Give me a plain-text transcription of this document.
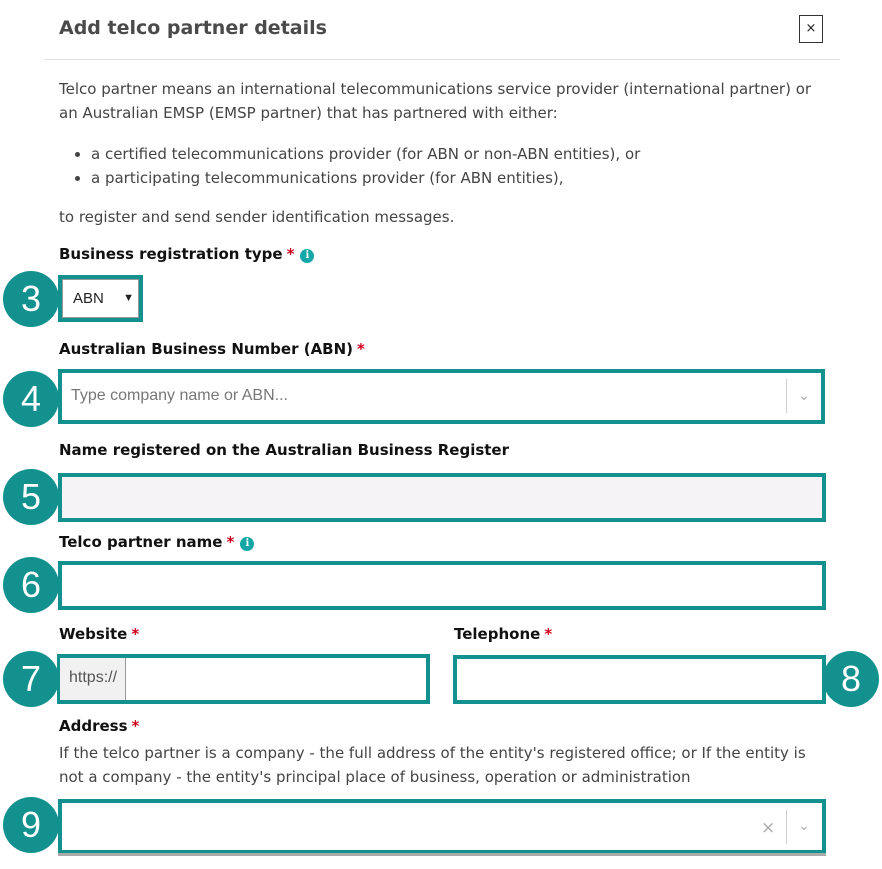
Add telco partner details	×
Telco partner means an international telecommunications service provider (international partner) or an Australian EMSP (EMSP partner) that has partnered with either:
• a certified telecommunications provider (for ABN or non-ABN entities), or
• a participating telecommunications provider (for ABN entities),
to register and send sender identification messages.
Business registration type * i
ABN ▼
3
Australian Business Number (ABN) *
Type company name or ABN...	⌄
4
Name registered on the Australian Business Register
5
Telco partner name * i
6
Website *
https://
7
Telephone *
8
Address *
If the telco partner is a company - the full address of the entity's registered office; or If the entity is not a company - the entity's principal place of business, operation or administration
× ⌄
9
